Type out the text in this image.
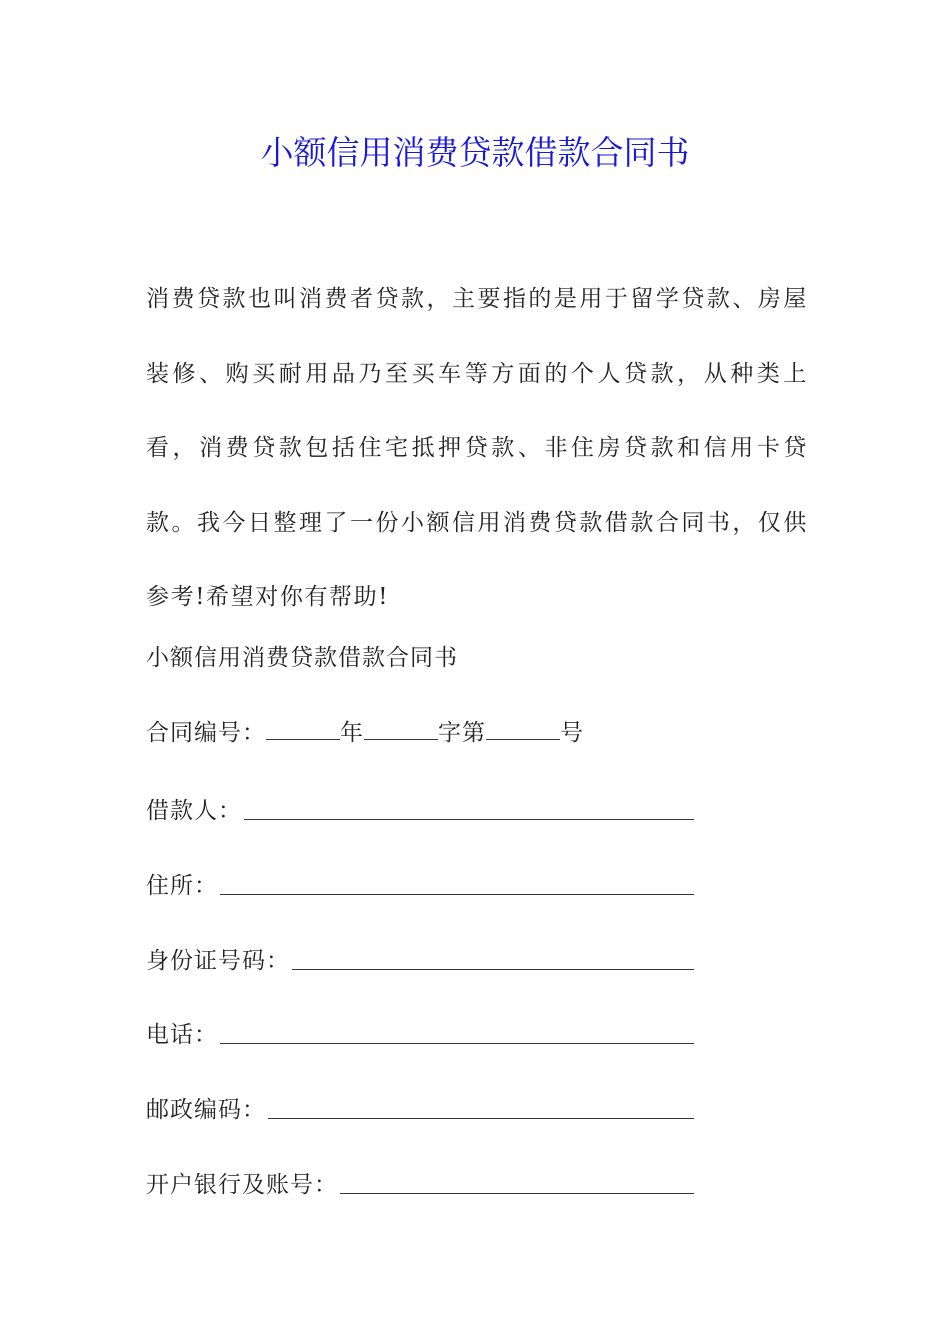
小额信用消费贷款借款合同书

消费贷款也叫消费者贷款，主要指的是用于留学贷款、房屋装修、购买耐用品乃至买车等方面的个人贷款，从种类上看，消费贷款包括住宅抵押贷款、非住房贷款和信用卡贷款。我今日整理了一份小额信用消费贷款借款合同书，仅供参考!希望对你有帮助!

小额信用消费贷款借款合同书

合同编号：	年	字第	号

借款人：
住所：
身份证号码：
电话：
邮政编码：
开户银行及账号：
